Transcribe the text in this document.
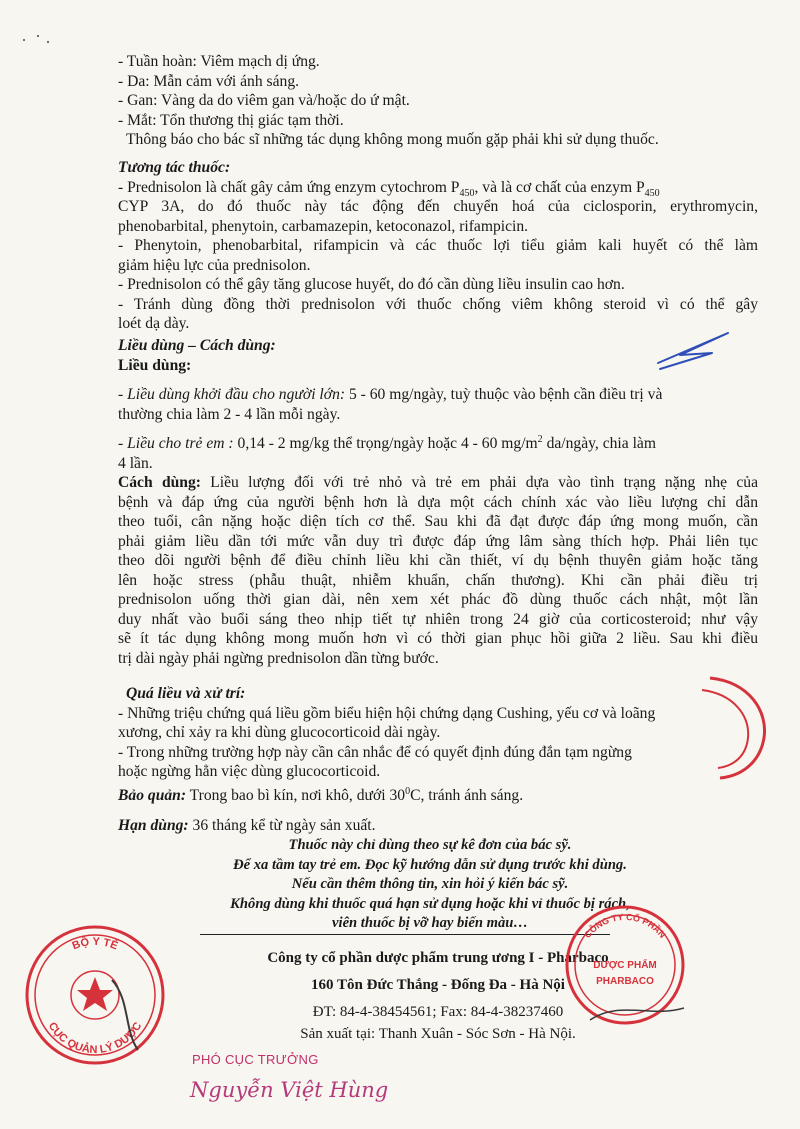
- Tuần hoàn: Viêm mạch dị ứng.

- Da: Mẫn cảm với ánh sáng.

- Gan: Vàng da do viêm gan và/hoặc do ứ mật.

- Mắt: Tổn thương thị giác tạm thời.

Thông báo cho bác sĩ những tác dụng không mong muốn gặp phải khi sử dụng thuốc.

Tương tác thuốc:

- Prednisolon là chất gây cảm ứng enzym cytochrom $P_{450}$, và là cơ chất của enzym $P_{450}$

CYP 3A, do đó thuốc này tác động đến chuyển hoá của ciclosporin, erythromycin,

phenobarbital, phenytoin, carbamazepin, ketoconazol, rifampicin.

- Phenytoin, phenobarbital, rifampicin và các thuốc lợi tiểu giảm kali huyết có thể làm

giảm hiệu lực của prednisolon.

- Prednisolon có thể gây tăng glucose huyết, do đó cần dùng liều insulin cao hơn.

- Tránh dùng đồng thời prednisolon với thuốc chống viêm không steroid vì có thể gây

loét dạ dày.

Liều dùng – Cách dùng:

Liều dùng:

- Liều dùng khởi đầu cho người lớn: 5 - 60 mg/ngày, tuỳ thuộc vào bệnh cần điều trị và

thường chia làm 2 - 4 lần mỗi ngày.

- Liều cho trẻ em : 0,14 - 2 mg/kg thể trọng/ngày hoặc 4 - 60 $mg/m^2$ da/ngày, chia làm

4 lần.

Cách dùng: Liều lượng đối với trẻ nhỏ và trẻ em phải dựa vào tình trạng nặng nhẹ của

bệnh và đáp ứng của người bệnh hơn là dựa một cách chính xác vào liều lượng chỉ dẫn

theo tuổi, cân nặng hoặc diện tích cơ thể. Sau khi đã đạt được đáp ứng mong muốn, cần

phải giảm liều dần tới mức vẫn duy trì được đáp ứng lâm sàng thích hợp. Phải liên tục

theo dõi người bệnh để điều chỉnh liều khi cần thiết, ví dụ bệnh thuyên giảm hoặc tăng

lên hoặc stress (phẫu thuật, nhiễm khuẩn, chấn thương). Khi cần phải điều trị

prednisolon uống thời gian dài, nên xem xét phác đồ dùng thuốc cách nhật, một lần

duy nhất vào buổi sáng theo nhịp tiết tự nhiên trong 24 giờ của corticosteroid; như vậy

sẽ ít tác dụng không mong muốn hơn vì có thời gian phục hồi giữa 2 liều. Sau khi điều

trị dài ngày phải ngừng prednisolon dần từng bước.

Quá liều và xử trí:

- Những triệu chứng quá liều gồm biểu hiện hội chứng dạng Cushing, yếu cơ và loãng

xương, chỉ xảy ra khi dùng glucocorticoid dài ngày.

- Trong những trường hợp này cần cân nhắc để có quyết định đúng đắn tạm ngừng

hoặc ngừng hẳn việc dùng glucocorticoid.

Bảo quản: Trong bao bì kín, nơi khô, dưới $30^0C$, tránh ánh sáng.

Hạn dùng: 36 tháng kể từ ngày sản xuất.

Thuốc này chỉ dùng theo sự kê đơn của bác sỹ.

Để xa tầm tay trẻ em. Đọc kỹ hướng dẫn sử dụng trước khi dùng.

Nếu cần thêm thông tin, xin hỏi ý kiến bác sỹ.

Không dùng khi thuốc quá hạn sử dụng hoặc khi vỉ thuốc bị rách,

viên thuốc bị vỡ hay biến màu…

Công ty cổ phần dược phẩm trung ương I - Pharbaco

160 Tôn Đức Thắng - Đống Đa - Hà Nội

ĐT: 84-4-38454561; Fax: 84-4-38237460

Sản xuất tại: Thanh Xuân - Sóc Sơn - Hà Nội.

BỘ Y TẾ
CỤC QUẢN LÝ DƯỢC
CÔNG TY CỔ PHẦN
DƯỢC PHẨM
PHARBACO
PHÓ CỤC TRƯỞNG
Nguyễn Việt Hùng
